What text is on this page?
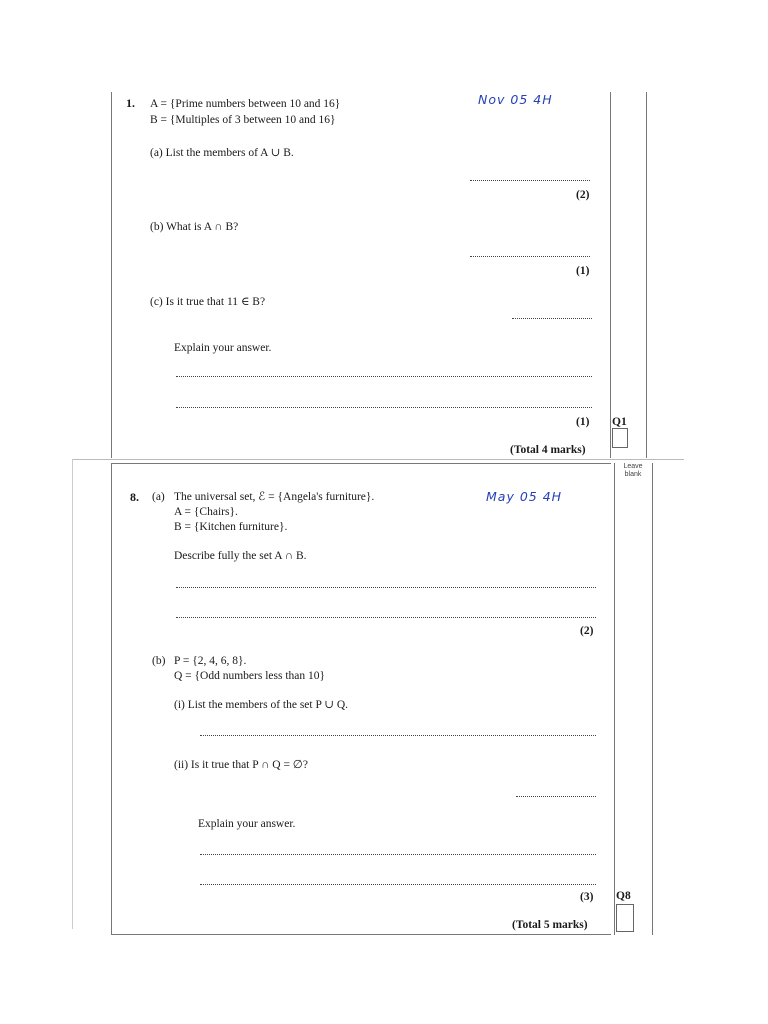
1. A = {Prime numbers between 10 and 16}
B = {Multiples of 3 between 10 and 16}
Nov 05 4H
(a) List the members of A ∪ B.
(2)
(b) What is A ∩ B?
(1)
(c) Is it true that 11 ∈ B?
Explain your answer.
(1) Q1
(Total 4 marks)
Leave blank
8. (a) The universal set, ℰ = {Angela's furniture}.
A = {Chairs}.
B = {Kitchen furniture}.
May 05 4H
Describe fully the set A ∩ B.
(2)
(b) P = {2, 4, 6, 8}.
Q = {Odd numbers less than 10}
(i) List the members of the set P ∪ Q.
(ii) Is it true that P ∩ Q = ∅?
Explain your answer.
(3) Q8
(Total 5 marks)
